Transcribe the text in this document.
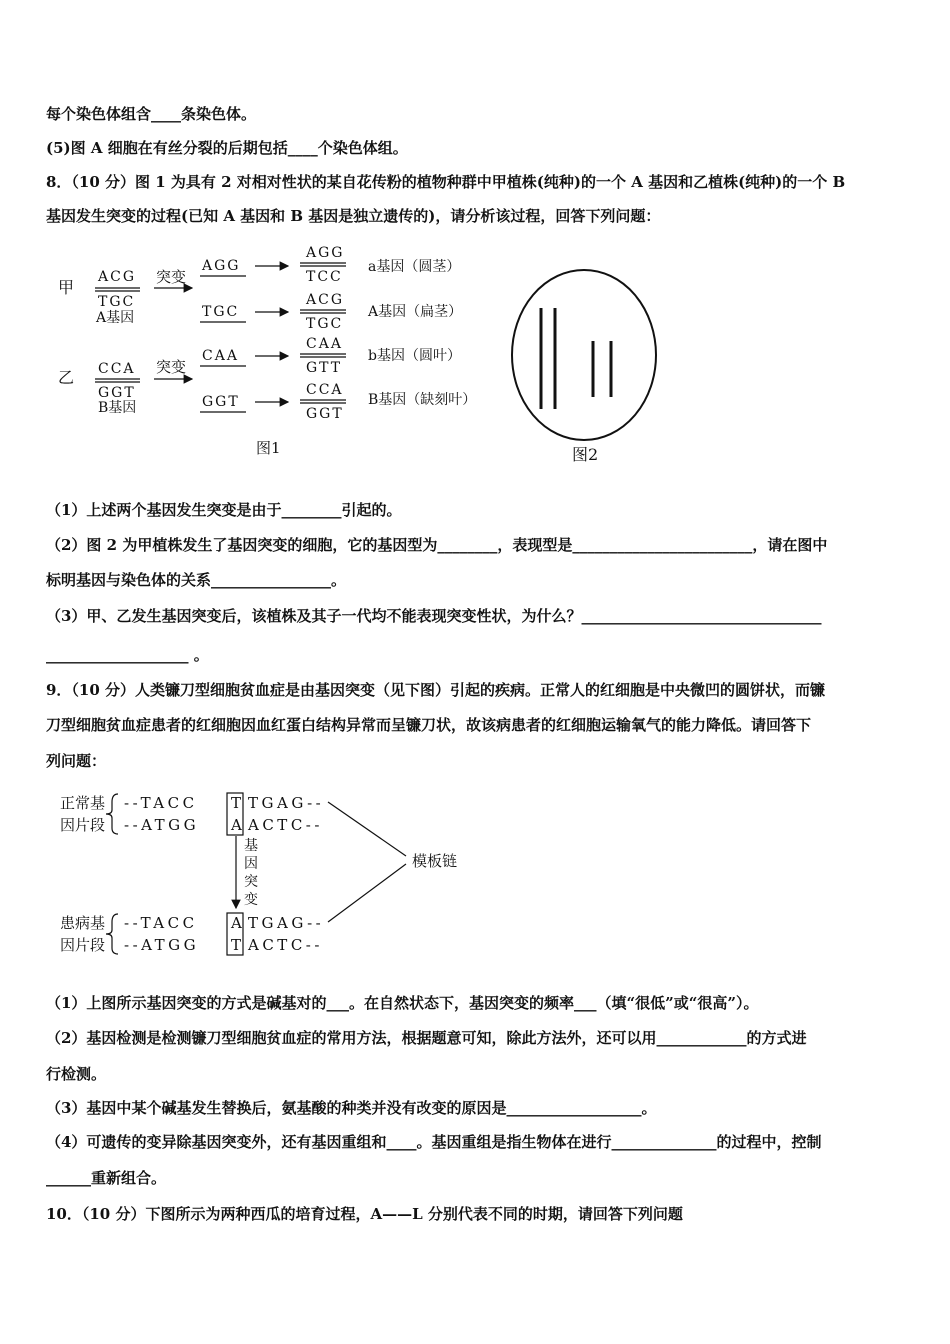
每个染色体组含____条染色体。
(5)图 A 细胞在有丝分裂的后期包括____个染色体组。
8．（10 分）图 1 为具有 2 对相对性状的某自花传粉的植物种群中甲植株(纯种)的一个 A 基因和乙植株(纯种)的一个 B
基因发生突变的过程(已知 A 基因和 B 基因是独立遗传的)，请分析该过程，回答下列问题：
甲
ACG
TGC
A基因
突变
AGG
AGG
TCC
a基因（圆茎）
TGC
ACG
TGC
A基因（扁茎）
乙 CCA
GGT
B基因
突变
CAA
CAA
GTT
b基因（圆叶）
GGT
CCA
GGT
B基因（缺刻叶）
图1	图2
（1）上述两个基因发生突变是由于________引起的。
（2）图 2 为甲植株发生了基因突变的细胞，它的基因型为________，表现型是________________________，请在图中
标明基因与染色体的关系________________。
（3）甲、乙发生基因突变后，该植株及其子一代均不能表现突变性状，为什么？________________________________
___________________ 。
9．（10 分）人类镰刀型细胞贫血症是由基因突变（见下图）引起的疾病。正常人的红细胞是中央微凹的圆饼状，而镰
刀型细胞贫血症患者的红细胞因血红蛋白结构异常而呈镰刀状，故该病患者的红细胞运输氧气的能力降低。请回答下
列问题：
正常基
因片段
--TACC T TGAG--
--ATGG A ACTC--
基
因
突
变
模板链
患病基
因片段
--TACC A TGAG--
--ATGG T ACTC--
（1）上图所示基因突变的方式是碱基对的___。在自然状态下，基因突变的频率___（填“很低”或“很高”）。
（2）基因检测是检测镰刀型细胞贫血症的常用方法，根据题意可知，除此方法外，还可以用____________的方式进
行检测。
（3）基因中某个碱基发生替换后，氨基酸的种类并没有改变的原因是__________________。
（4）可遗传的变异除基因突变外，还有基因重组和____。基因重组是指生物体在进行______________的过程中，控制
______重新组合。
10．（10 分）下图所示为两种西瓜的培育过程，A——L 分别代表不同的时期，请回答下列问题
